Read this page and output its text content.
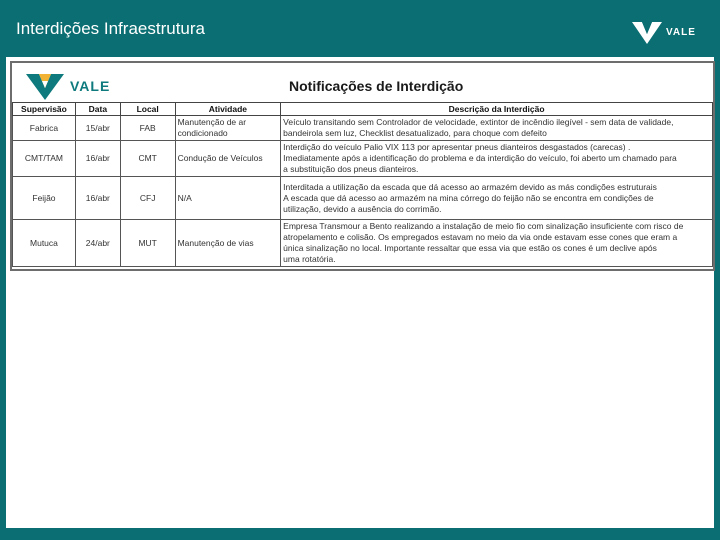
Interdições Infraestrutura	VALE
VALE	Notificações de Interdição
Supervisão	Data	Local	Atividade	Descrição da Interdição
Fabrica	15/abr	FAB	Manutenção de ar condicionado	Veículo transitando sem Controlador de velocidade, extintor de incêndio ilegível - sem data de validade,
bandeirola sem luz, Checklist desatualizado, para choque com defeito

CMT/TAM	16/abr	CMT	Condução de Veículos	Interdição do veículo Palio VIX 113 por apresentar pneus dianteiros desgastados (carecas) .
Imediatamente após a identificação do problema e da interdição do veículo, foi aberto um chamado para
a substituição dos pneus dianteiros.

Feijão	16/abr	CFJ	N/A	Interditada a utilização da escada que dá acesso ao armazém devido as más condições estruturais
A escada que dá acesso ao armazém na mina córrego do feijão não se encontra em condições de
utilização, devido a ausência do corrimão.

Mutuca	24/abr	MUT	Manutenção de vias	Empresa Transmour a Bento realizando a instalação de meio fio com sinalização insuficiente com risco de
atropelamento e colisão. Os empregados estavam no meio da via onde estavam esse cones que eram a
única sinalização no local. Importante ressaltar que essa via que estão os cones é um declive após
uma rotatória.
